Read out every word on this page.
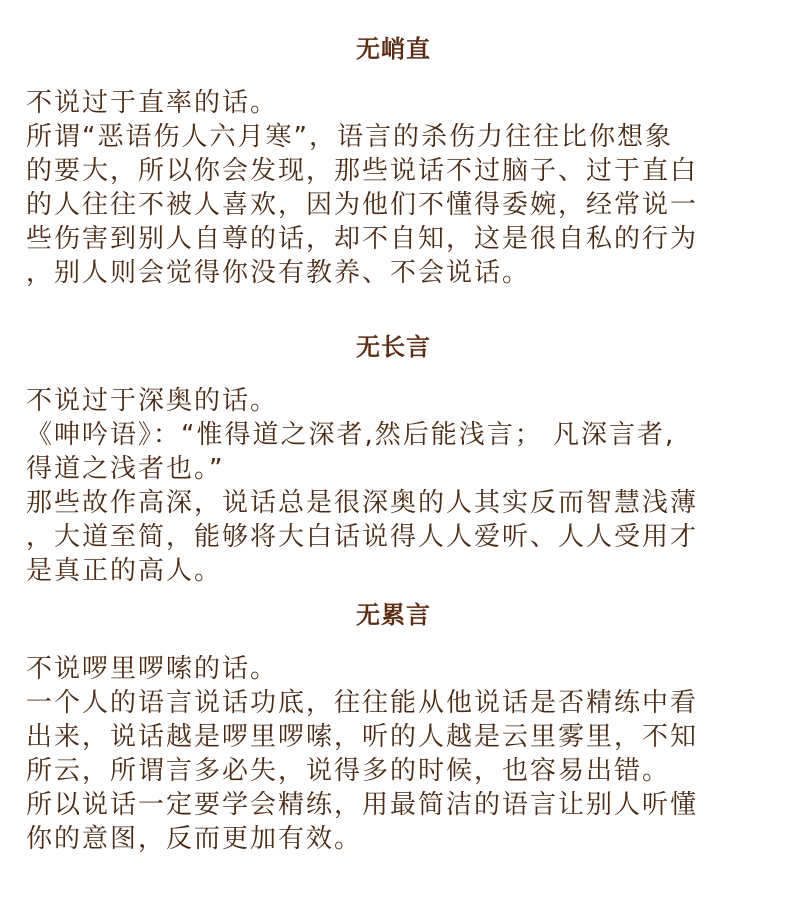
无峭直
不说过于直率的话。
所谓“恶语伤人六月寒”，语言的杀伤力往往比你想象
的要大，所以你会发现，那些说话不过脑子、过于直白
的人往往不被人喜欢，因为他们不懂得委婉，经常说一
些伤害到别人自尊的话，却不自知，这是很自私的行为
，别人则会觉得你没有教养、不会说话。
无长言
不说过于深奥的话。
《呻吟语》：“惟得道之深者,然后能浅言； 凡深言者,
得道之浅者也。”
那些故作高深，说话总是很深奥的人其实反而智慧浅薄
，大道至简，能够将大白话说得人人爱听、人人受用才
是真正的高人。
无累言
不说啰里啰嗦的话。
一个人的语言说话功底，往往能从他说话是否精练中看
出来，说话越是啰里啰嗦，听的人越是云里雾里，不知
所云，所谓言多必失，说得多的时候，也容易出错。
所以说话一定要学会精练，用最简洁的语言让别人听懂
你的意图，反而更加有效。
